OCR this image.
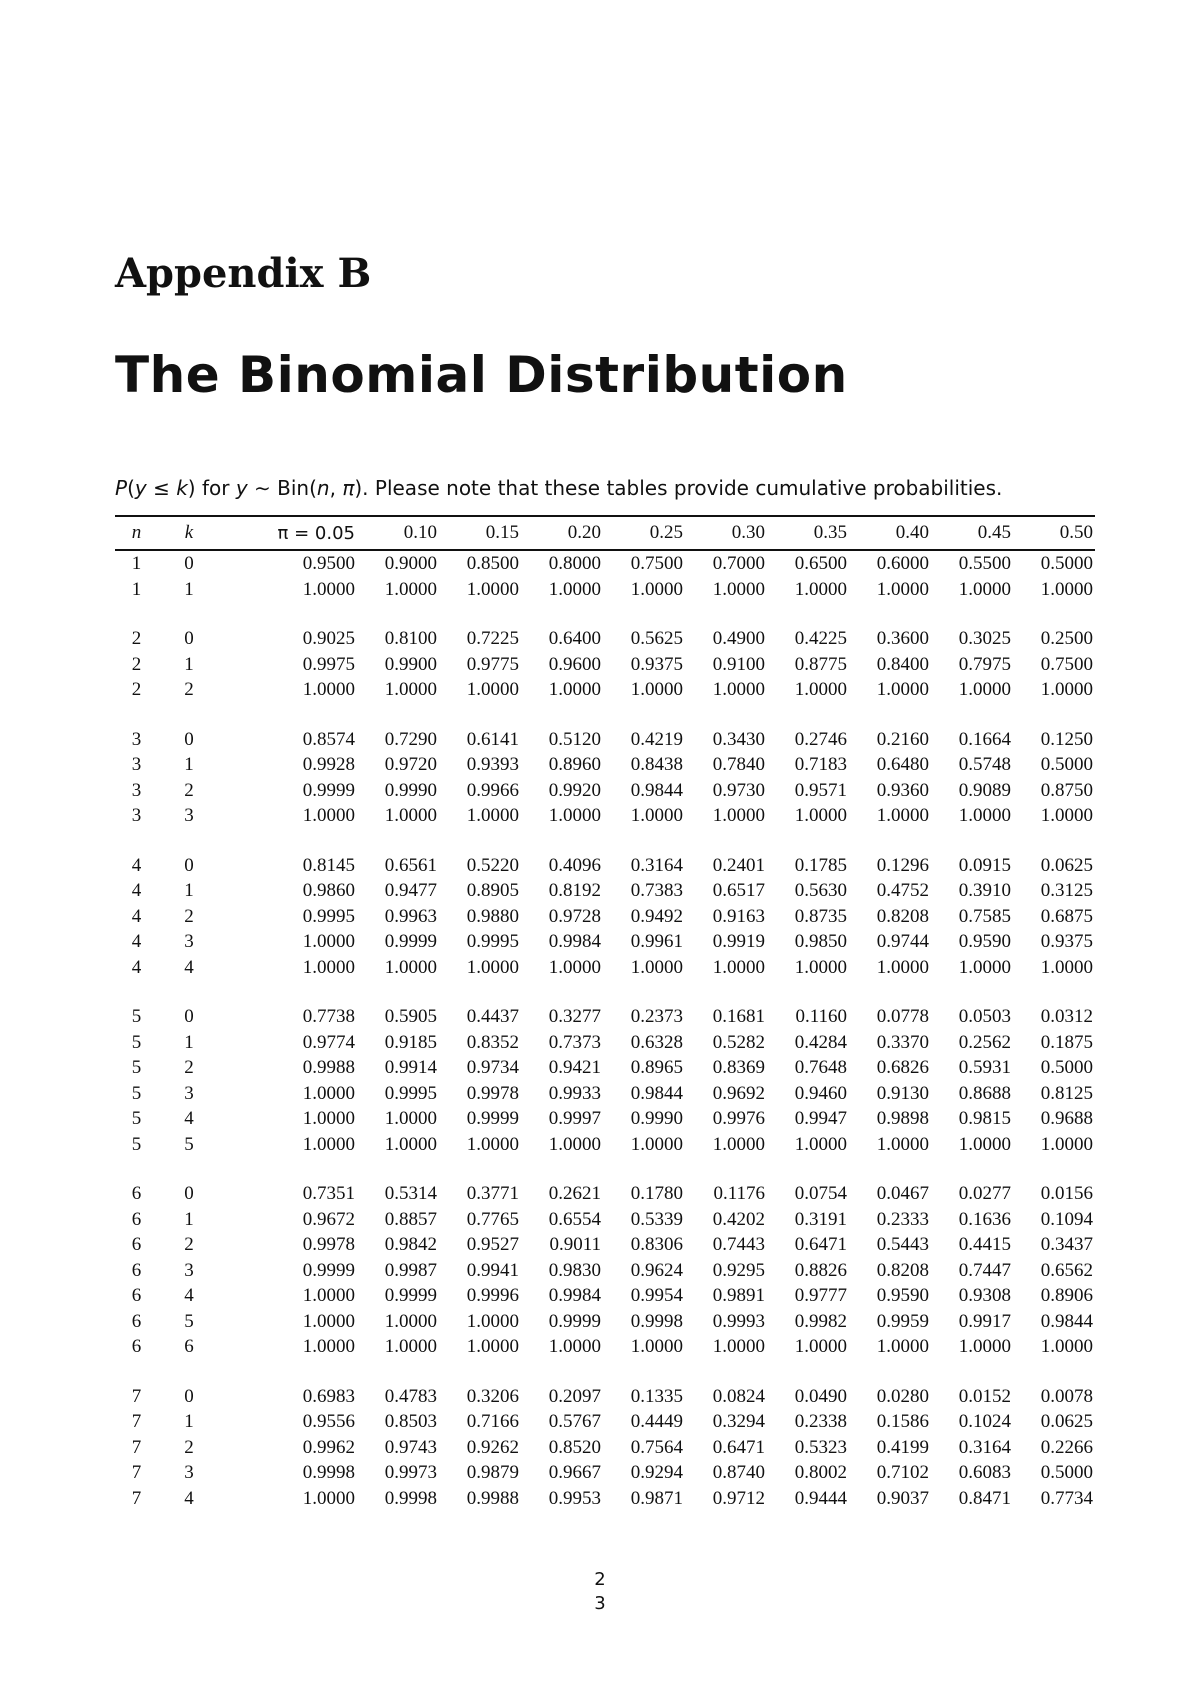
Appendix B
The Binomial Distribution
P(y ≤ k) for y ∼ Bin(n, π). Please note that these tables provide cumulative probabilities.
n	k	π = 0.05	0.10	0.15	0.20	0.25	0.30	0.35	0.40	0.45	0.50
1	0	0.9500	0.9000	0.8500	0.8000	0.7500	0.7000	0.6500	0.6000	0.5500	0.5000
1	1	1.0000	1.0000	1.0000	1.0000	1.0000	1.0000	1.0000	1.0000	1.0000	1.0000

2	0	0.9025	0.8100	0.7225	0.6400	0.5625	0.4900	0.4225	0.3600	0.3025	0.2500
2	1	0.9975	0.9900	0.9775	0.9600	0.9375	0.9100	0.8775	0.8400	0.7975	0.7500
2	2	1.0000	1.0000	1.0000	1.0000	1.0000	1.0000	1.0000	1.0000	1.0000	1.0000

3	0	0.8574	0.7290	0.6141	0.5120	0.4219	0.3430	0.2746	0.2160	0.1664	0.1250
3	1	0.9928	0.9720	0.9393	0.8960	0.8438	0.7840	0.7183	0.6480	0.5748	0.5000
3	2	0.9999	0.9990	0.9966	0.9920	0.9844	0.9730	0.9571	0.9360	0.9089	0.8750
3	3	1.0000	1.0000	1.0000	1.0000	1.0000	1.0000	1.0000	1.0000	1.0000	1.0000

4	0	0.8145	0.6561	0.5220	0.4096	0.3164	0.2401	0.1785	0.1296	0.0915	0.0625
4	1	0.9860	0.9477	0.8905	0.8192	0.7383	0.6517	0.5630	0.4752	0.3910	0.3125
4	2	0.9995	0.9963	0.9880	0.9728	0.9492	0.9163	0.8735	0.8208	0.7585	0.6875
4	3	1.0000	0.9999	0.9995	0.9984	0.9961	0.9919	0.9850	0.9744	0.9590	0.9375
4	4	1.0000	1.0000	1.0000	1.0000	1.0000	1.0000	1.0000	1.0000	1.0000	1.0000

5	0	0.7738	0.5905	0.4437	0.3277	0.2373	0.1681	0.1160	0.0778	0.0503	0.0312
5	1	0.9774	0.9185	0.8352	0.7373	0.6328	0.5282	0.4284	0.3370	0.2562	0.1875
5	2	0.9988	0.9914	0.9734	0.9421	0.8965	0.8369	0.7648	0.6826	0.5931	0.5000
5	3	1.0000	0.9995	0.9978	0.9933	0.9844	0.9692	0.9460	0.9130	0.8688	0.8125
5	4	1.0000	1.0000	0.9999	0.9997	0.9990	0.9976	0.9947	0.9898	0.9815	0.9688
5	5	1.0000	1.0000	1.0000	1.0000	1.0000	1.0000	1.0000	1.0000	1.0000	1.0000

6	0	0.7351	0.5314	0.3771	0.2621	0.1780	0.1176	0.0754	0.0467	0.0277	0.0156
6	1	0.9672	0.8857	0.7765	0.6554	0.5339	0.4202	0.3191	0.2333	0.1636	0.1094
6	2	0.9978	0.9842	0.9527	0.9011	0.8306	0.7443	0.6471	0.5443	0.4415	0.3437
6	3	0.9999	0.9987	0.9941	0.9830	0.9624	0.9295	0.8826	0.8208	0.7447	0.6562
6	4	1.0000	0.9999	0.9996	0.9984	0.9954	0.9891	0.9777	0.9590	0.9308	0.8906
6	5	1.0000	1.0000	1.0000	0.9999	0.9998	0.9993	0.9982	0.9959	0.9917	0.9844
6	6	1.0000	1.0000	1.0000	1.0000	1.0000	1.0000	1.0000	1.0000	1.0000	1.0000

7	0	0.6983	0.4783	0.3206	0.2097	0.1335	0.0824	0.0490	0.0280	0.0152	0.0078
7	1	0.9556	0.8503	0.7166	0.5767	0.4449	0.3294	0.2338	0.1586	0.1024	0.0625
7	2	0.9962	0.9743	0.9262	0.8520	0.7564	0.6471	0.5323	0.4199	0.3164	0.2266
7	3	0.9998	0.9973	0.9879	0.9667	0.9294	0.8740	0.8002	0.7102	0.6083	0.5000
7	4	1.0000	0.9998	0.9988	0.9953	0.9871	0.9712	0.9444	0.9037	0.8471	0.7734
2
3
